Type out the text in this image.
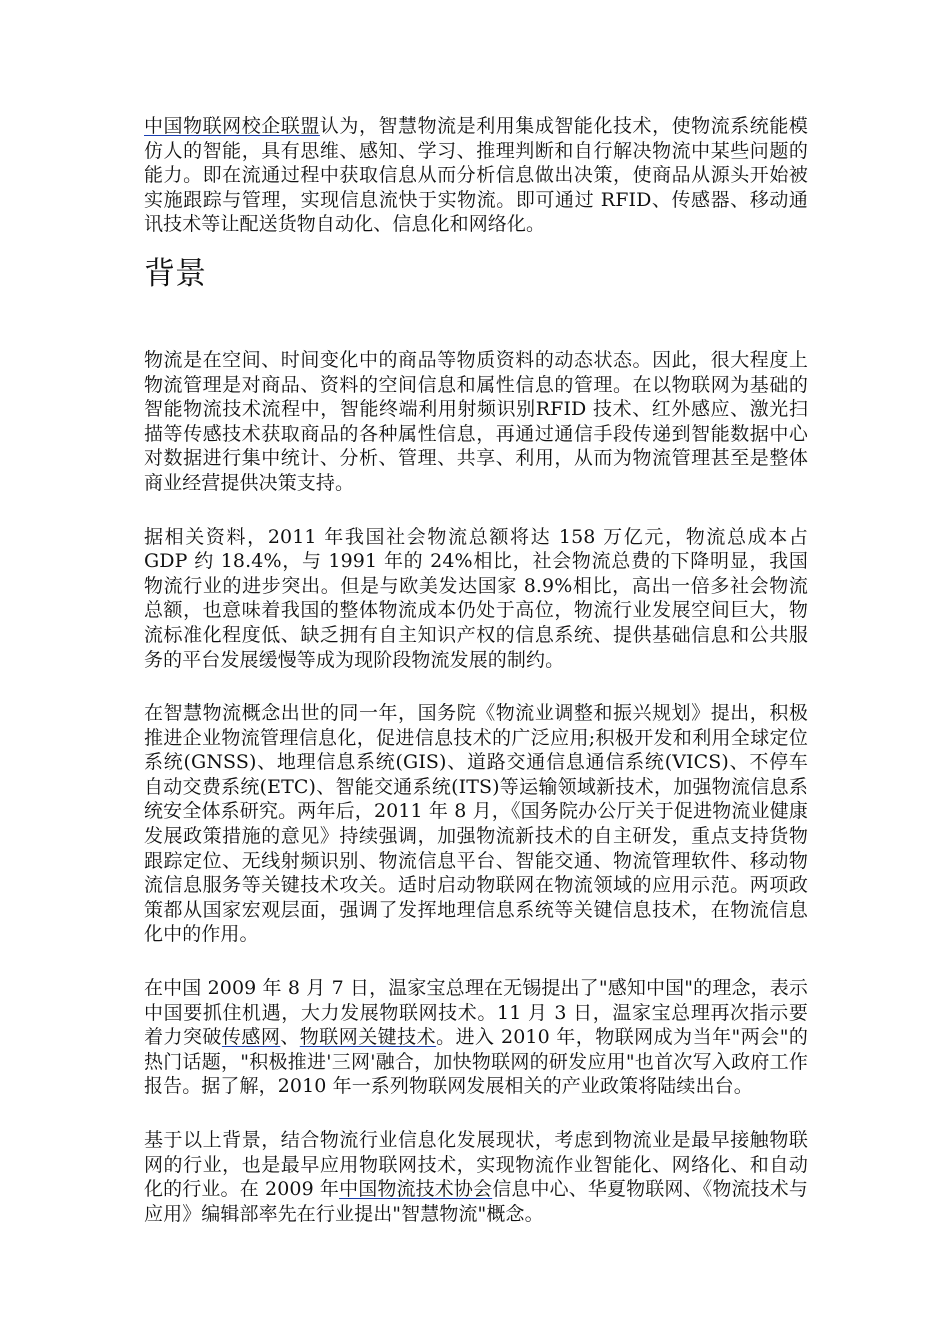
中国物联网校企联盟认为，智慧物流是利用集成智能化技术，使物流系统能模仿人的智能，具有思维、感知、学习、推理判断和自行解决物流中某些问题的能力。即在流通过程中获取信息从而分析信息做出决策，使商品从源头开始被实施跟踪与管理，实现信息流快于实物流。即可通过 RFID、传感器、移动通讯技术等让配送货物自动化、信息化和网络化。

背景

物流是在空间、时间变化中的商品等物质资料的动态状态。因此，很大程度上物流管理是对商品、资料的空间信息和属性信息的管理。在以物联网为基础的智能物流技术流程中，智能终端利用射频识别RFID 技术、红外感应、激光扫描等传感技术获取商品的各种属性信息，再通过通信手段传递到智能数据中心对数据进行集中统计、分析、管理、共享、利用，从而为物流管理甚至是整体商业经营提供决策支持。

据相关资料，2011 年我国社会物流总额将达 158 万亿元，物流总成本占 GDP 约 18.4%，与 1991 年的 24%相比，社会物流总费的下降明显，我国物流行业的进步突出。但是与欧美发达国家 8.9%相比，高出一倍多社会物流总额，也意味着我国的整体物流成本仍处于高位，物流行业发展空间巨大，物流标准化程度低、缺乏拥有自主知识产权的信息系统、提供基础信息和公共服务的平台发展缓慢等成为现阶段物流发展的制约。

在智慧物流概念出世的同一年，国务院《物流业调整和振兴规划》提出，积极推进企业物流管理信息化，促进信息技术的广泛应用;积极开发和利用全球定位系统(GNSS)、地理信息系统(GIS)、道路交通信息通信系统(VICS)、不停车自动交费系统(ETC)、智能交通系统(ITS)等运输领域新技术，加强物流信息系统安全体系研究。两年后，2011 年 8 月，《国务院办公厅关于促进物流业健康发展政策措施的意见》持续强调，加强物流新技术的自主研发，重点支持货物跟踪定位、无线射频识别、物流信息平台、智能交通、物流管理软件、移动物流信息服务等关键技术攻关。适时启动物联网在物流领域的应用示范。两项政策都从国家宏观层面，强调了发挥地理信息系统等关键信息技术，在物流信息化中的作用。

在中国 2009 年 8 月 7 日，温家宝总理在无锡提出了"感知中国"的理念，表示中国要抓住机遇，大力发展物联网技术。11 月 3 日，温家宝总理再次指示要着力突破传感网、物联网关键技术。进入 2010 年，物联网成为当年"两会"的热门话题，"积极推进'三网'融合，加快物联网的研发应用"也首次写入政府工作报告。据了解，2010 年一系列物联网发展相关的产业政策将陆续出台。

基于以上背景，结合物流行业信息化发展现状，考虑到物流业是最早接触物联网的行业，也是最早应用物联网技术，实现物流作业智能化、网络化、和自动化的行业。在 2009 年中国物流技术协会信息中心、华夏物联网、《物流技术与应用》编辑部率先在行业提出"智慧物流"概念。
